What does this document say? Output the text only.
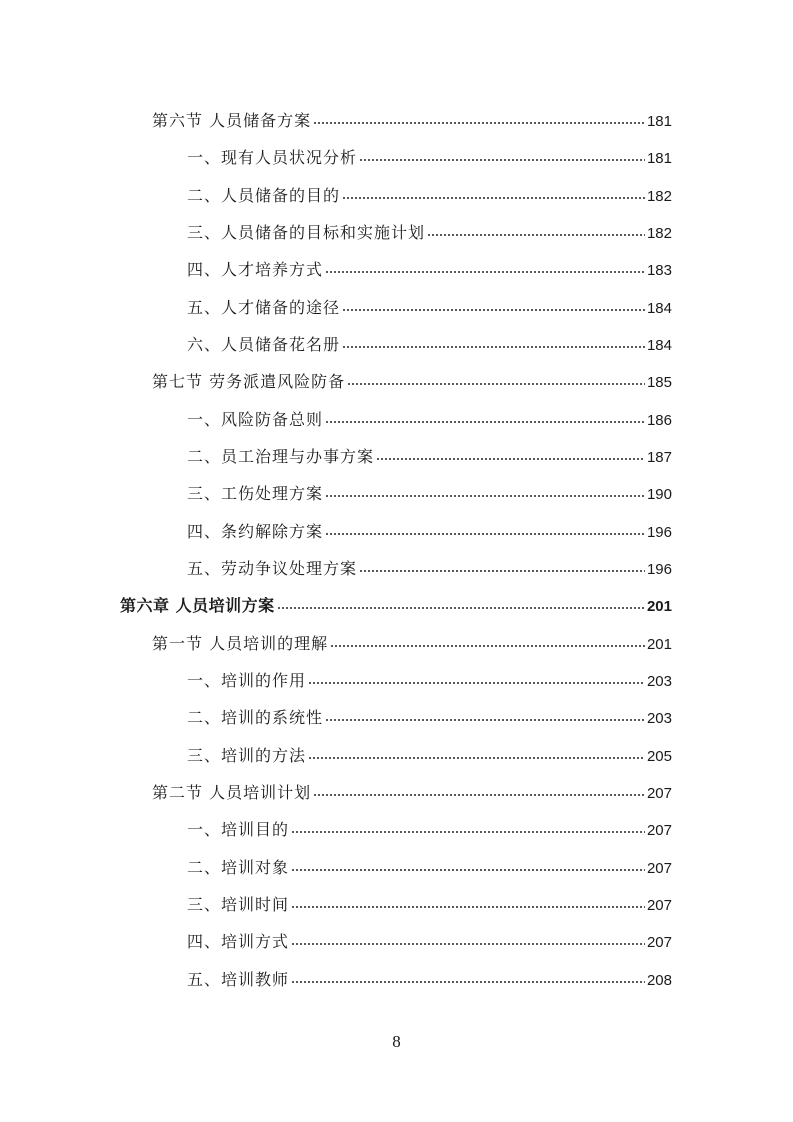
第六节 人员储备方案	181
一、现有人员状况分析	181
二、人员储备的目的	182
三、人员储备的目标和实施计划	182
四、人才培养方式	183
五、人才储备的途径	184
六、人员储备花名册	184
第七节 劳务派遣风险防备	185
一、风险防备总则	186
二、员工治理与办事方案	187
三、工伤处理方案	190
四、条约解除方案	196
五、劳动争议处理方案	196
第六章 人员培训方案	201
第一节 人员培训的理解	201
一、培训的作用	203
二、培训的系统性	203
三、培训的方法	205
第二节 人员培训计划	207
一、培训目的	207
二、培训对象	207
三、培训时间	207
四、培训方式	207
五、培训教师	208
8
